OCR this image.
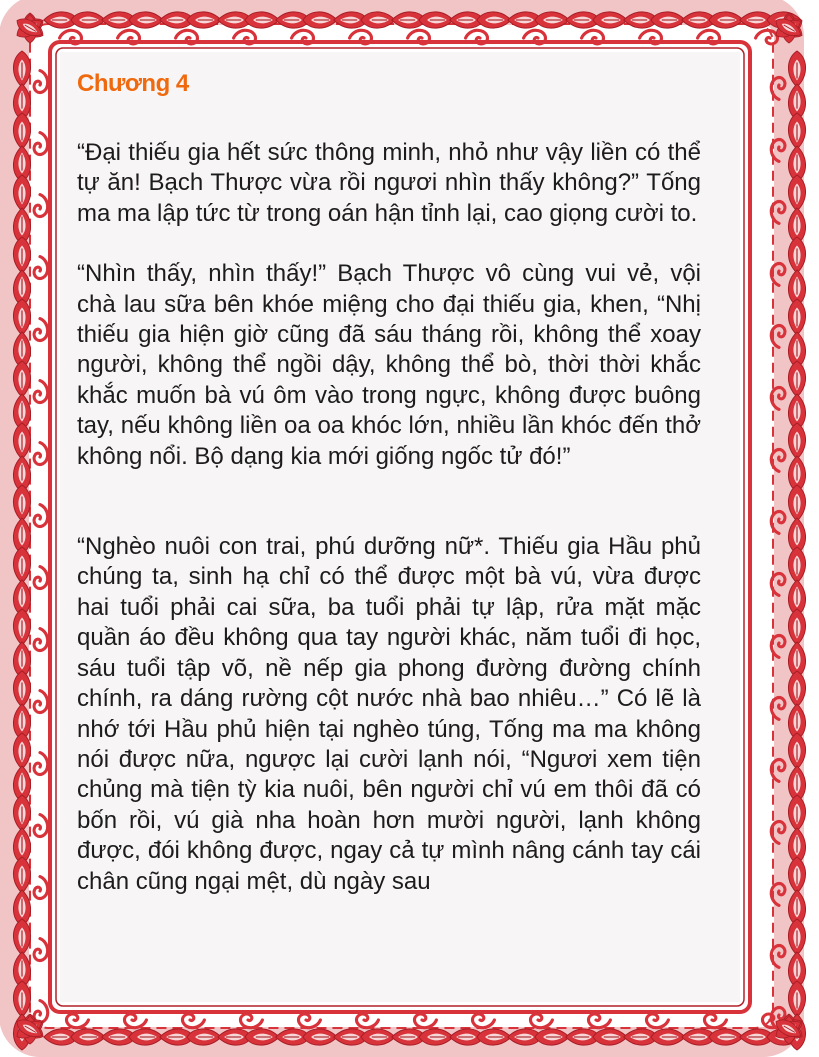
Chương 4

“Đại thiếu gia hết sức thông minh, nhỏ như vậy liền có thể tự ăn! Bạch Thược vừa rồi ngươi nhìn thấy không?” Tống ma ma lập tức từ trong oán hận tỉnh lại, cao giọng cười to.

“Nhìn thấy, nhìn thấy!” Bạch Thược vô cùng vui vẻ, vội chà lau sữa bên khóe miệng cho đại thiếu gia, khen, “Nhị thiếu gia hiện giờ cũng đã sáu tháng rồi, không thể xoay người, không thể ngồi dậy, không thể bò, thời thời khắc khắc muốn bà vú ôm vào trong ngực, không được buông tay, nếu không liền oa oa khóc lớn, nhiều lần khóc đến thở không nổi. Bộ dạng kia mới giống ngốc tử đó!”

“Nghèo nuôi con trai, phú dưỡng nữ*. Thiếu gia Hầu phủ chúng ta, sinh hạ chỉ có thể được một bà vú, vừa được hai tuổi phải cai sữa, ba tuổi phải tự lập, rửa mặt mặc quần áo đều không qua tay người khác, năm tuổi đi học, sáu tuổi tập võ, nề nếp gia phong đường đường chính chính, ra dáng rường cột nước nhà bao nhiêu…” Có lẽ là nhớ tới Hầu phủ hiện tại nghèo túng, Tống ma ma không nói được nữa, ngược lại cười lạnh nói, “Ngươi xem tiện chủng mà tiện tỳ kia nuôi, bên người chỉ vú em thôi đã có bốn rồi, vú già nha hoàn hơn mười người, lạnh không được, đói không được, ngay cả tự mình nâng cánh tay cái chân cũng ngại mệt, dù ngày sau
